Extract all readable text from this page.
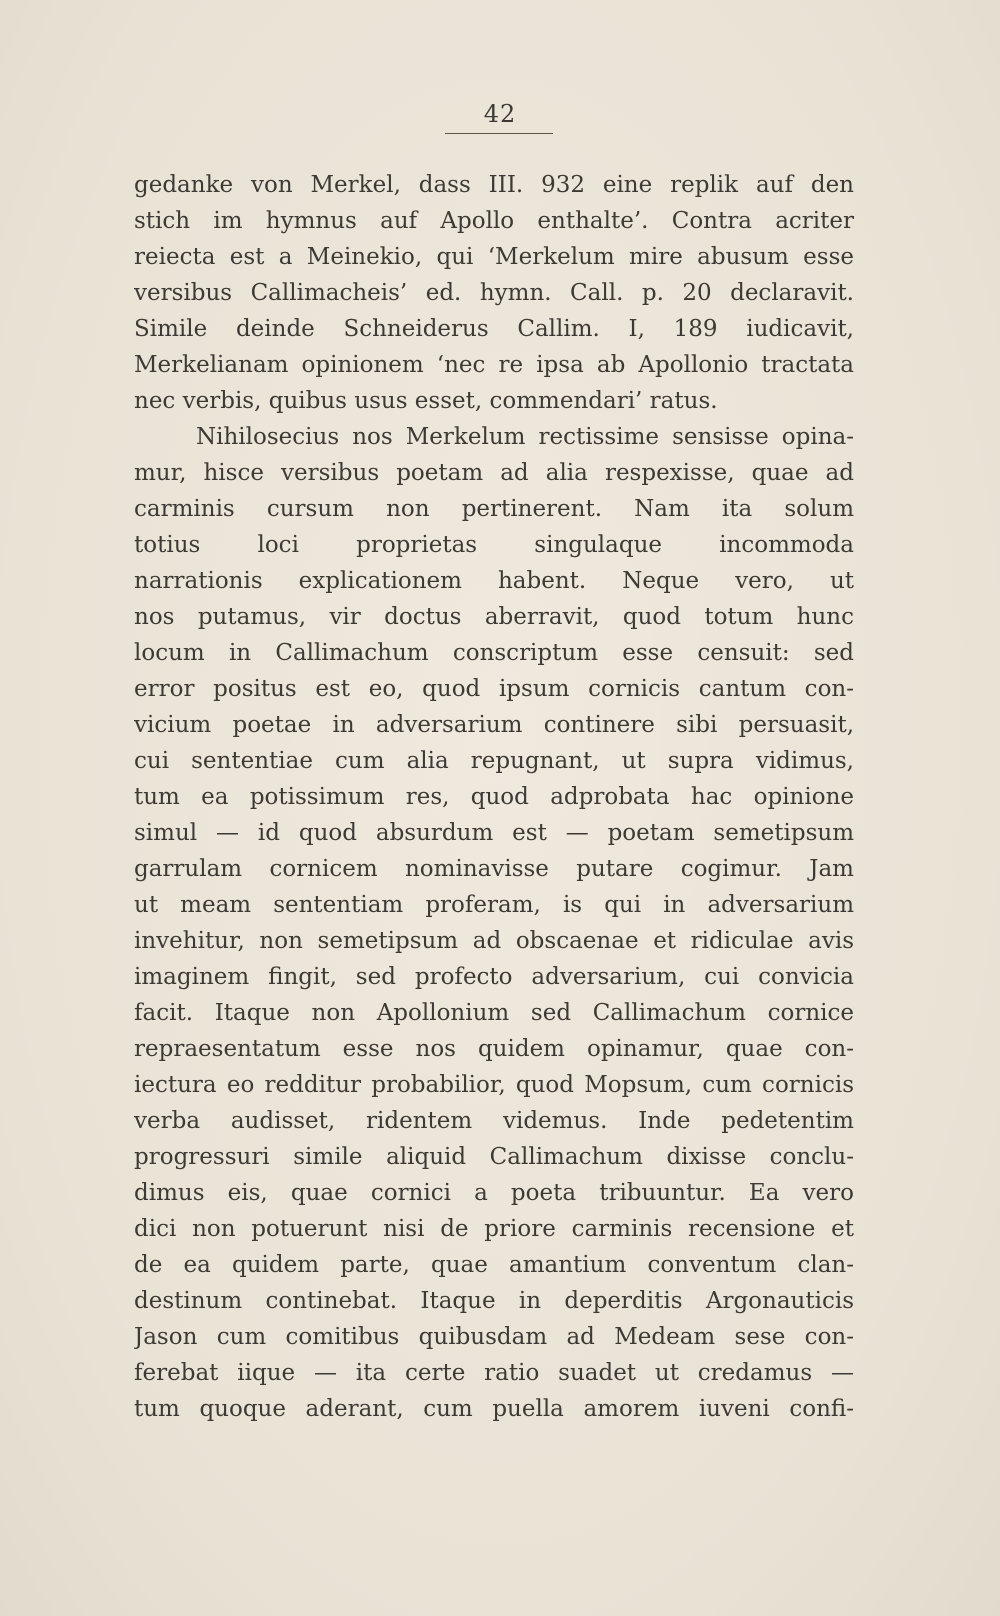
42
gedanke von Merkel, dass III. 932 eine replik auf den
stich im hymnus auf Apollo enthalte’. Contra acriter
reiecta est a Meinekio, qui ‘Merkelum mire abusum esse
versibus Callimacheis’ ed. hymn. Call. p. 20 declaravit.
Simile deinde Schneiderus Callim. I, 189 iudicavit,
Merkelianam opinionem ‘nec re ipsa ab Apollonio tractata
nec verbis, quibus usus esset, commendari’ ratus.
Nihilosecius nos Merkelum rectissime sensisse opina-
mur, hisce versibus poetam ad alia respexisse, quae ad
carminis cursum non pertinerent. Nam ita solum
totius loci proprietas singulaque incommoda
narrationis explicationem habent. Neque vero, ut
nos putamus, vir doctus aberravit, quod totum hunc
locum in Callimachum conscriptum esse censuit: sed
error positus est eo, quod ipsum cornicis cantum con-
vicium poetae in adversarium continere sibi persuasit,
cui sententiae cum alia repugnant, ut supra vidimus,
tum ea potissimum res, quod adprobata hac opinione
simul — id quod absurdum est — poetam semetipsum
garrulam cornicem nominavisse putare cogimur. Jam
ut meam sententiam proferam, is qui in adversarium
invehitur, non semetipsum ad obscaenae et ridiculae avis
imaginem fingit, sed profecto adversarium, cui convicia
facit. Itaque non Apollonium sed Callimachum cornice
repraesentatum esse nos quidem opinamur, quae con-
iectura eo redditur probabilior, quod Mopsum, cum cornicis
verba audisset, ridentem videmus. Inde pedetentim
progressuri simile aliquid Callimachum dixisse conclu-
dimus eis, quae cornici a poeta tribuuntur. Ea vero
dici non potuerunt nisi de priore carminis recensione et
de ea quidem parte, quae amantium conventum clan-
destinum continebat. Itaque in deperditis Argonauticis
Jason cum comitibus quibusdam ad Medeam sese con-
ferebat iique — ita certe ratio suadet ut credamus —
tum quoque aderant, cum puella amorem iuveni confi-
